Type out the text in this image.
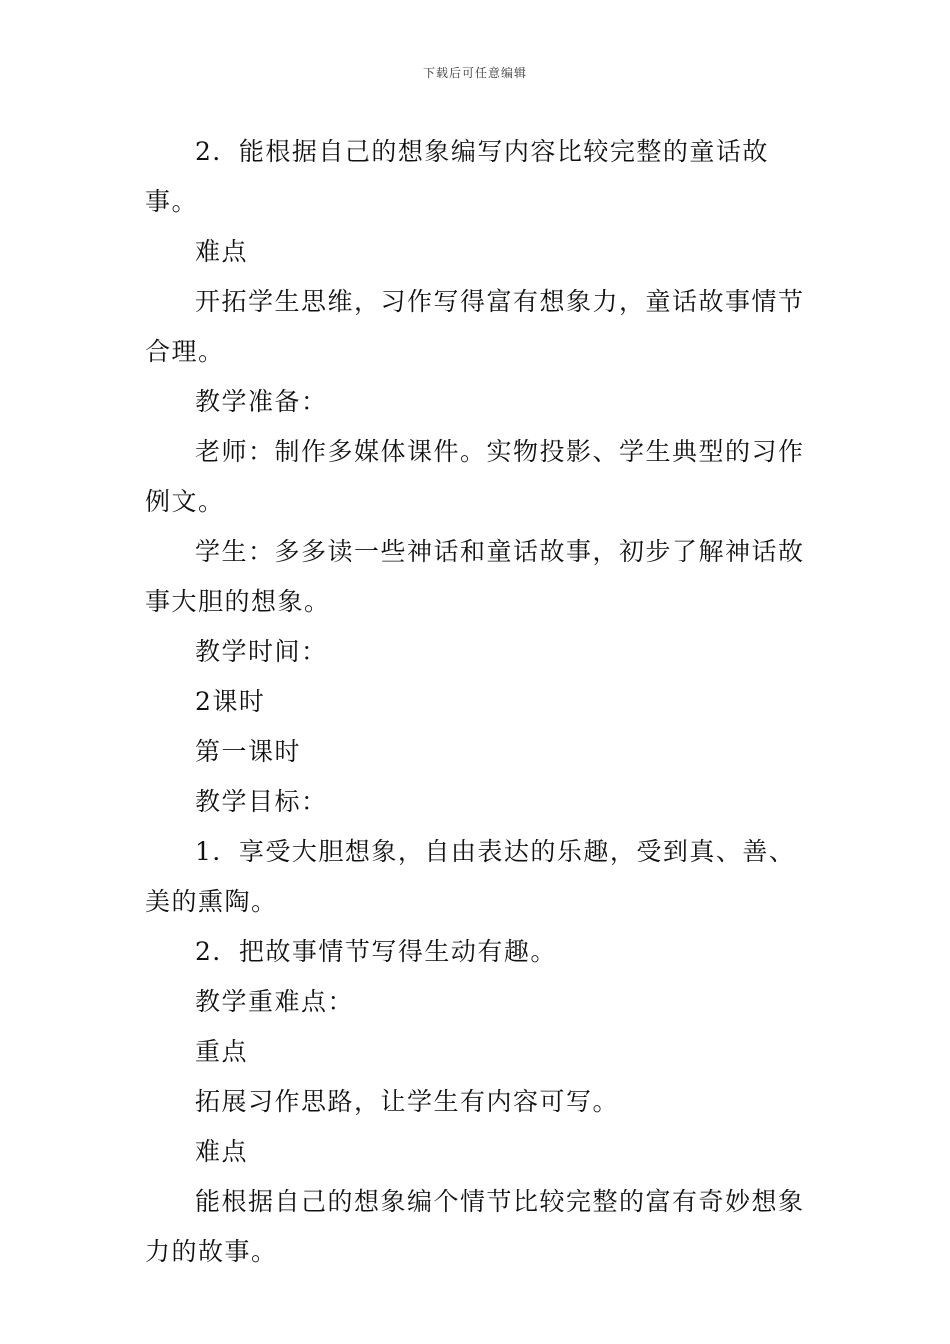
下载后可任意编辑

2．能根据自己的想象编写内容比较完整的童话故事。

难点

开拓学生思维，习作写得富有想象力，童话故事情节合理。

教学准备：

老师：制作多媒体课件。实物投影、学生典型的习作例文。

学生：多多读一些神话和童话故事，初步了解神话故事大胆的想象。

教学时间：

2课时

第一课时

教学目标：

1．享受大胆想象，自由表达的乐趣，受到真、善、美的熏陶。

2．把故事情节写得生动有趣。

教学重难点：

重点

拓展习作思路，让学生有内容可写。

难点

能根据自己的想象编个情节比较完整的富有奇妙想象力的故事。
